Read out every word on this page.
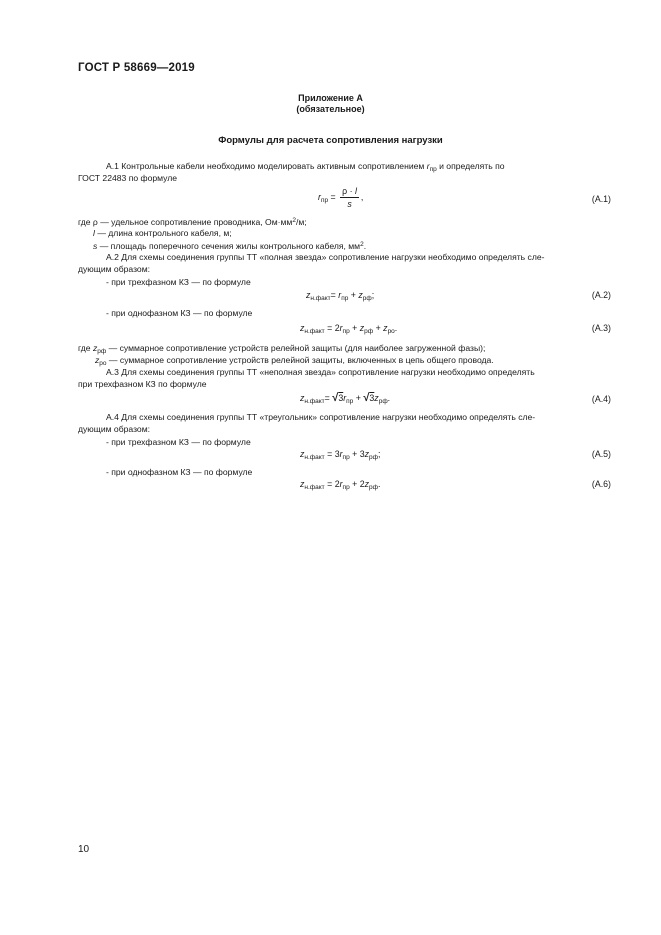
ГОСТ Р 58669—2019
Приложение А
(обязательное)
Формулы для расчета сопротивления нагрузки
А.1 Контрольные кабели необходимо моделировать активным сопротивлением $r_{пр}$ и определять по
ГОСТ 22483 по формуле
$r_{пр} = \frac{\rho \cdot l}{s}$ ,	(А.1)
где ρ — удельное сопротивление проводника, $Ом\cdot мм^2/м$;
l — длина контрольного кабеля, м;
s — площадь поперечного сечения жилы контрольного кабеля, $мм^2$.
А.2 Для схемы соединения группы ТТ «полная звезда» сопротивление нагрузки необходимо определять сле-
дующим образом:
- при трехфазном КЗ — по формуле
$z_{н.факт}= r_{пр} + z_{рф}$;	(А.2)
- при однофазном КЗ — по формуле
$z_{н.факт} = 2r_{пр} + z_{рф} + z_{ро}$.	(А.3)
где $z_{рф}$ — суммарное сопротивление устройств релейной защиты (для наиболее загруженной фазы);
$z_{ро}$ — суммарное сопротивление устройств релейной защиты, включенных в цепь общего провода.
А.3 Для схемы соединения группы ТТ «неполная звезда» сопротивление нагрузки необходимо определять
при трехфазном КЗ по формуле
$z_{н.факт}= √3r_{пр} + √3z_{рф}$.	(А.4)
А.4 Для схемы соединения группы ТТ «треугольник» сопротивление нагрузки необходимо определять сле-
дующим образом:
- при трехфазном КЗ — по формуле
$z_{н.факт} = 3r_{пр} + 3z_{рф}$;	(А.5)
- при однофазном КЗ — по формуле
$z_{н.факт} = 2r_{пр} + 2z_{рф}$.	(А.6)
10
